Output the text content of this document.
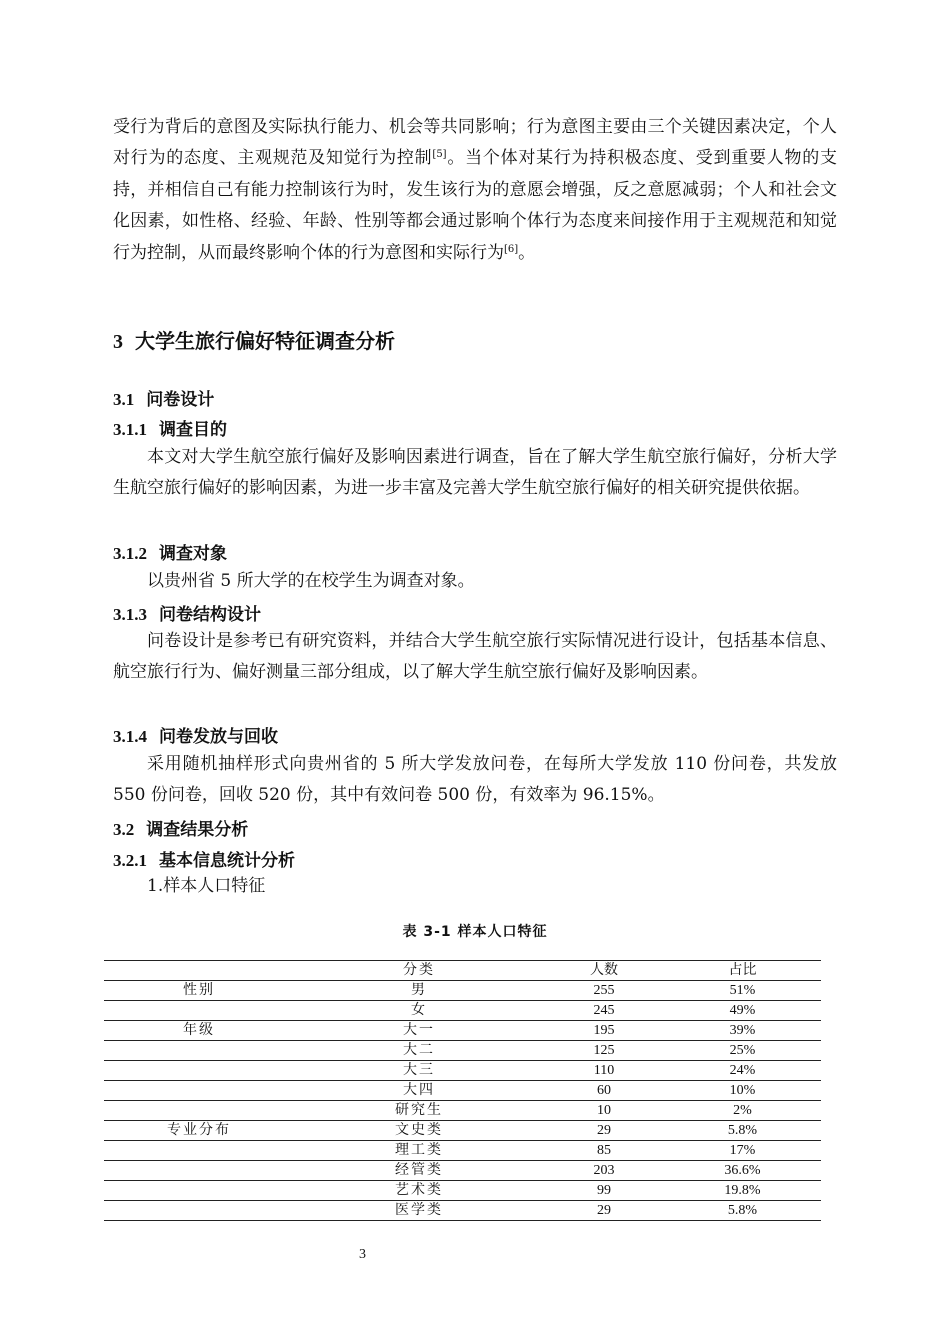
受行为背后的意图及实际执行能力、机会等共同影响；行为意图主要由三个关键因素决定，个人对行为的态度、主观规范及知觉行为控制[5]。当个体对某行为持积极态度、受到重要人物的支持，并相信自己有能力控制该行为时，发生该行为的意愿会增强，反之意愿减弱；个人和社会文化因素，如性格、经验、年龄、性别等都会通过影响个体行为态度来间接作用于主观规范和知觉行为控制，从而最终影响个体的行为意图和实际行为[6]。

3 大学生旅行偏好特征调查分析
3.1 问卷设计
3.1.1 调查目的

本文对大学生航空旅行偏好及影响因素进行调查，旨在了解大学生航空旅行偏好，分析大学生航空旅行偏好的影响因素，为进一步丰富及完善大学生航空旅行偏好的相关研究提供依据。

3.1.2 调查对象

以贵州省 5 所大学的在校学生为调查对象。

3.1.3 问卷结构设计

问卷设计是参考已有研究资料，并结合大学生航空旅行实际情况进行设计，包括基本信息、航空旅行行为、偏好测量三部分组成，以了解大学生航空旅行偏好及影响因素。

3.1.4 问卷发放与回收

采用随机抽样形式向贵州省的 5 所大学发放问卷，在每所大学发放 110 份问卷，共发放 550 份问卷，回收 520 份，其中有效问卷 500 份，有效率为 96.15%。

3.2 调查结果分析
3.2.1 基本信息统计分析

1.样本人口特征

表 3-1 样本人口特征
	分类	人数	占比
性别	男	255	51%
	女	245	49%
年级	大一	195	39%
	大二	125	25%
	大三	110	24%
	大四	60	10%
	研究生	10	2%
专业分布	文史类	29	5.8%
	理工类	85	17%
	经管类	203	36.6%
	艺术类	99	19.8%
	医学类	29	5.8%
3
